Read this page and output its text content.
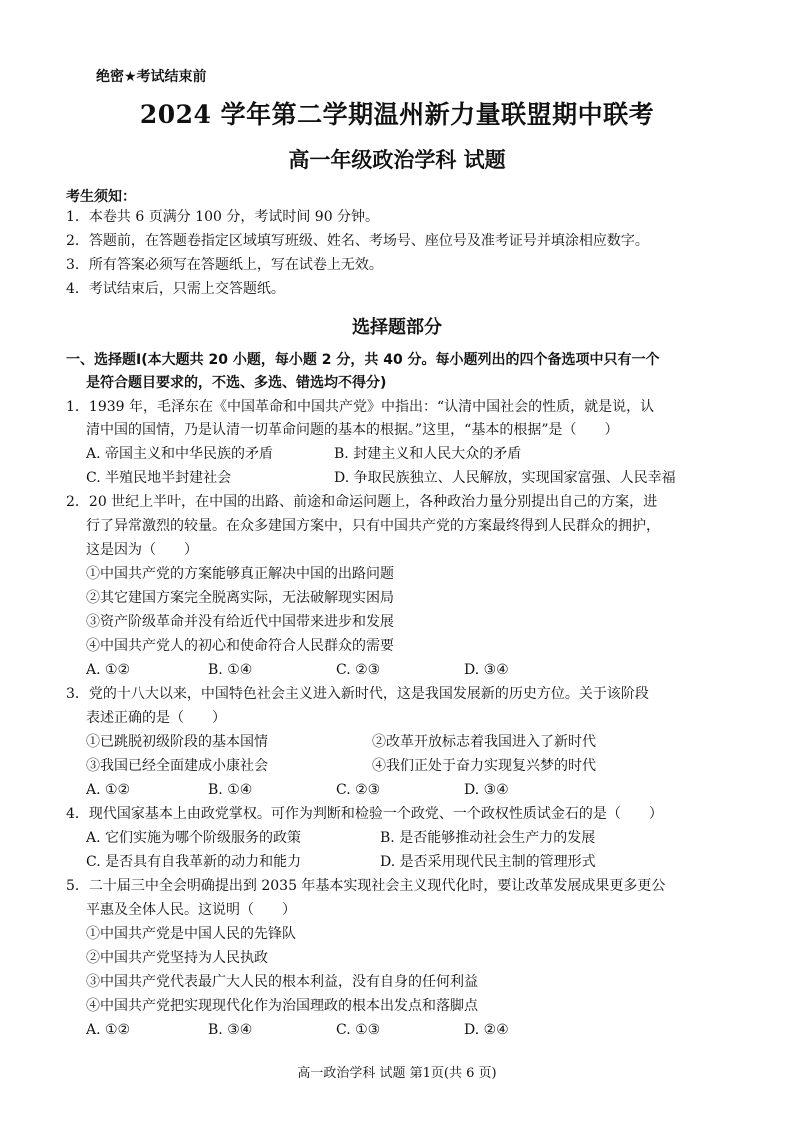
绝密★考试结束前
2024 学年第二学期温州新力量联盟期中联考
高一年级政治学科 试题
考生须知：
1．本卷共 6 页满分 100 分，考试时间 90 分钟。
2．答题前，在答题卷指定区域填写班级、姓名、考场号、座位号及准考证号并填涂相应数字。
3．所有答案必须写在答题纸上，写在试卷上无效。
4．考试结束后，只需上交答题纸。
选择题部分
一、选择题Ⅰ(本大题共 20 小题，每小题 2 分，共 40 分。每小题列出的四个备选项中只有一个
是符合题目要求的，不选、多选、错选均不得分)
1．1939 年，毛泽东在《中国革命和中国共产党》中指出：“认清中国社会的性质，就是说，认
清中国的国情，乃是认清一切革命问题的基本的根据。”这里，“基本的根据”是（　　）
A. 帝国主义和中华民族的矛盾	B. 封建主义和人民大众的矛盾
C. 半殖民地半封建社会	D. 争取民族独立、人民解放，实现国家富强、人民幸福
2．20 世纪上半叶，在中国的出路、前途和命运问题上，各种政治力量分别提出自己的方案，进
行了异常激烈的较量。在众多建国方案中，只有中国共产党的方案最终得到人民群众的拥护，
这是因为（　　）
①中国共产党的方案能够真正解决中国的出路问题
②其它建国方案完全脱离实际，无法破解现实困局
③资产阶级革命并没有给近代中国带来进步和发展
④中国共产党人的初心和使命符合人民群众的需要
A. ①②	B. ①④	C. ②③	D. ③④
3．党的十八大以来，中国特色社会主义进入新时代，这是我国发展新的历史方位。关于该阶段
表述正确的是（　　）
①已跳脱初级阶段的基本国情	②改革开放标志着我国进入了新时代
③我国已经全面建成小康社会	④我们正处于奋力实现复兴梦的时代
A. ①②	B. ①④	C. ②③	D. ③④
4．现代国家基本上由政党掌权。可作为判断和检验一个政党、一个政权性质试金石的是（　　）
A. 它们实施为哪个阶级服务的政策	B. 是否能够推动社会生产力的发展
C. 是否具有自我革新的动力和能力	D. 是否采用现代民主制的管理形式
5．二十届三中全会明确提出到 2035 年基本实现社会主义现代化时，要让改革发展成果更多更公
平惠及全体人民。这说明（　　）
①中国共产党是中国人民的先锋队
②中国共产党坚持为人民执政
③中国共产党代表最广大人民的根本利益，没有自身的任何利益
④中国共产党把实现现代化作为治国理政的根本出发点和落脚点
A. ①②	B. ③④	C. ①③	D. ②④
高一政治学科 试题 第1页(共 6 页)
